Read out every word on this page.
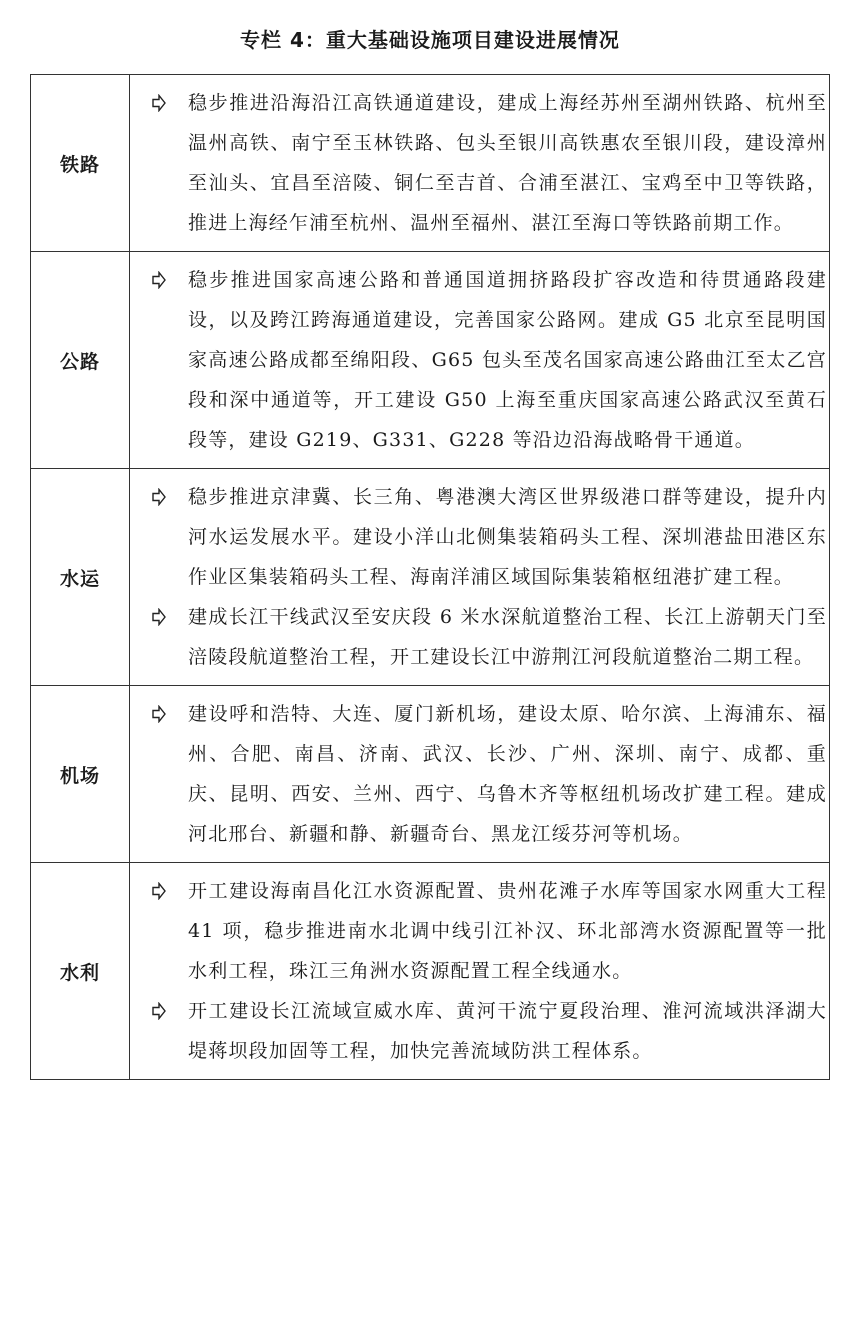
专栏 4：重大基础设施项目建设进展情况
铁路
稳步推进沿海沿江高铁通道建设，建成上海经苏州至湖州铁路、杭州至温州高铁、南宁至玉林铁路、包头至银川高铁惠农至银川段，建设漳州至汕头、宜昌至涪陵、铜仁至吉首、合浦至湛江、宝鸡至中卫等铁路，推进上海经乍浦至杭州、温州至福州、湛江至海口等铁路前期工作。
公路
稳步推进国家高速公路和普通国道拥挤路段扩容改造和待贯通路段建设，以及跨江跨海通道建设，完善国家公路网。建成 G5 北京至昆明国家高速公路成都至绵阳段、G65 包头至茂名国家高速公路曲江至太乙宫段和深中通道等，开工建设 G50 上海至重庆国家高速公路武汉至黄石段等，建设 G219、G331、G228 等沿边沿海战略骨干通道。
水运
稳步推进京津冀、长三角、粤港澳大湾区世界级港口群等建设，提升内河水运发展水平。建设小洋山北侧集装箱码头工程、深圳港盐田港区东作业区集装箱码头工程、海南洋浦区域国际集装箱枢纽港扩建工程。
建成长江干线武汉至安庆段 6 米水深航道整治工程、长江上游朝天门至涪陵段航道整治工程，开工建设长江中游荆江河段航道整治二期工程。
机场
建设呼和浩特、大连、厦门新机场，建设太原、哈尔滨、上海浦东、福州、合肥、南昌、济南、武汉、长沙、广州、深圳、南宁、成都、重庆、昆明、西安、兰州、西宁、乌鲁木齐等枢纽机场改扩建工程。建成河北邢台、新疆和静、新疆奇台、黑龙江绥芬河等机场。
水利
开工建设海南昌化江水资源配置、贵州花滩子水库等国家水网重大工程 41 项，稳步推进南水北调中线引江补汉、环北部湾水资源配置等一批水利工程，珠江三角洲水资源配置工程全线通水。
开工建设长江流域宣威水库、黄河干流宁夏段治理、淮河流域洪泽湖大堤蒋坝段加固等工程，加快完善流域防洪工程体系。
